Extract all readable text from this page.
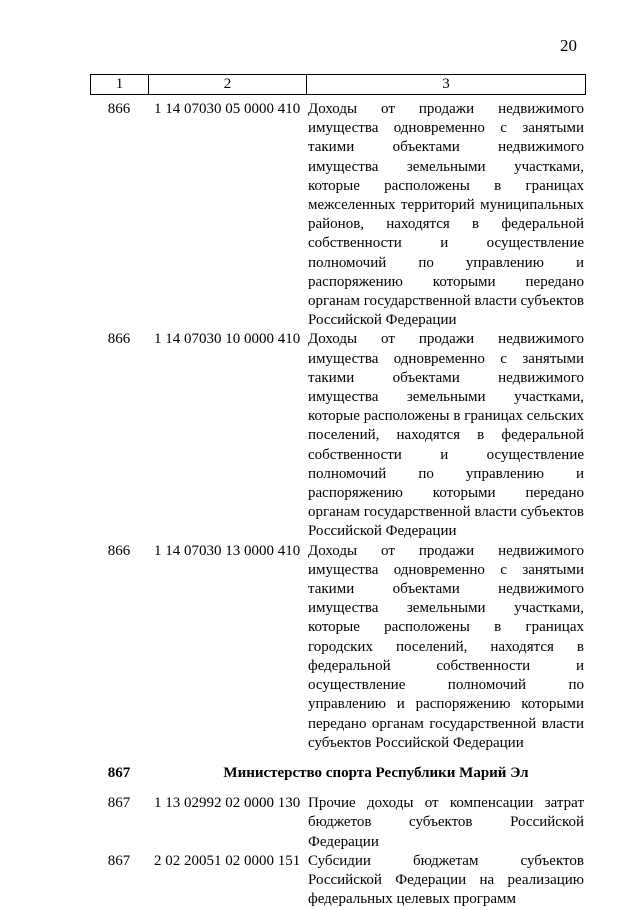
20
1	2	3
866	1 14 07030 05 0000 410 Доходы от продажи недвижимого имущества одновременно с занятыми такими объектами недвижимого имущества земельными участками, которые расположены в границах межселенных территорий муниципальных районов, находятся в федеральной собственности и осуществление полномочий по управлению и распоряжению которыми передано органам государственной власти субъектов Российской Федерации
866	1 14 07030 10 0000 410 Доходы от продажи недвижимого имущества одновременно с занятыми такими объектами недвижимого имущества земельными участками, которые расположены в границах сельских поселений, находятся в федеральной собственности и осуществление полномочий по управлению и распоряжению которыми передано органам государственной власти субъектов Российской Федерации
866	1 14 07030 13 0000 410 Доходы от продажи недвижимого имущества одновременно с занятыми такими объектами недвижимого имущества земельными участками, которые расположены в границах городских поселений, находятся в федеральной собственности и осуществление полномочий по управлению и распоряжению которыми передано органам государственной власти субъектов Российской Федерации
867	Министерство спорта Республики Марий Эл
867	1 13 02992 02 0000 130 Прочие доходы от компенсации затрат бюджетов субъектов Российской Федерации
867	2 02 20051 02 0000 151 Субсидии бюджетам субъектов Российской Федерации на реализацию федеральных целевых программ
